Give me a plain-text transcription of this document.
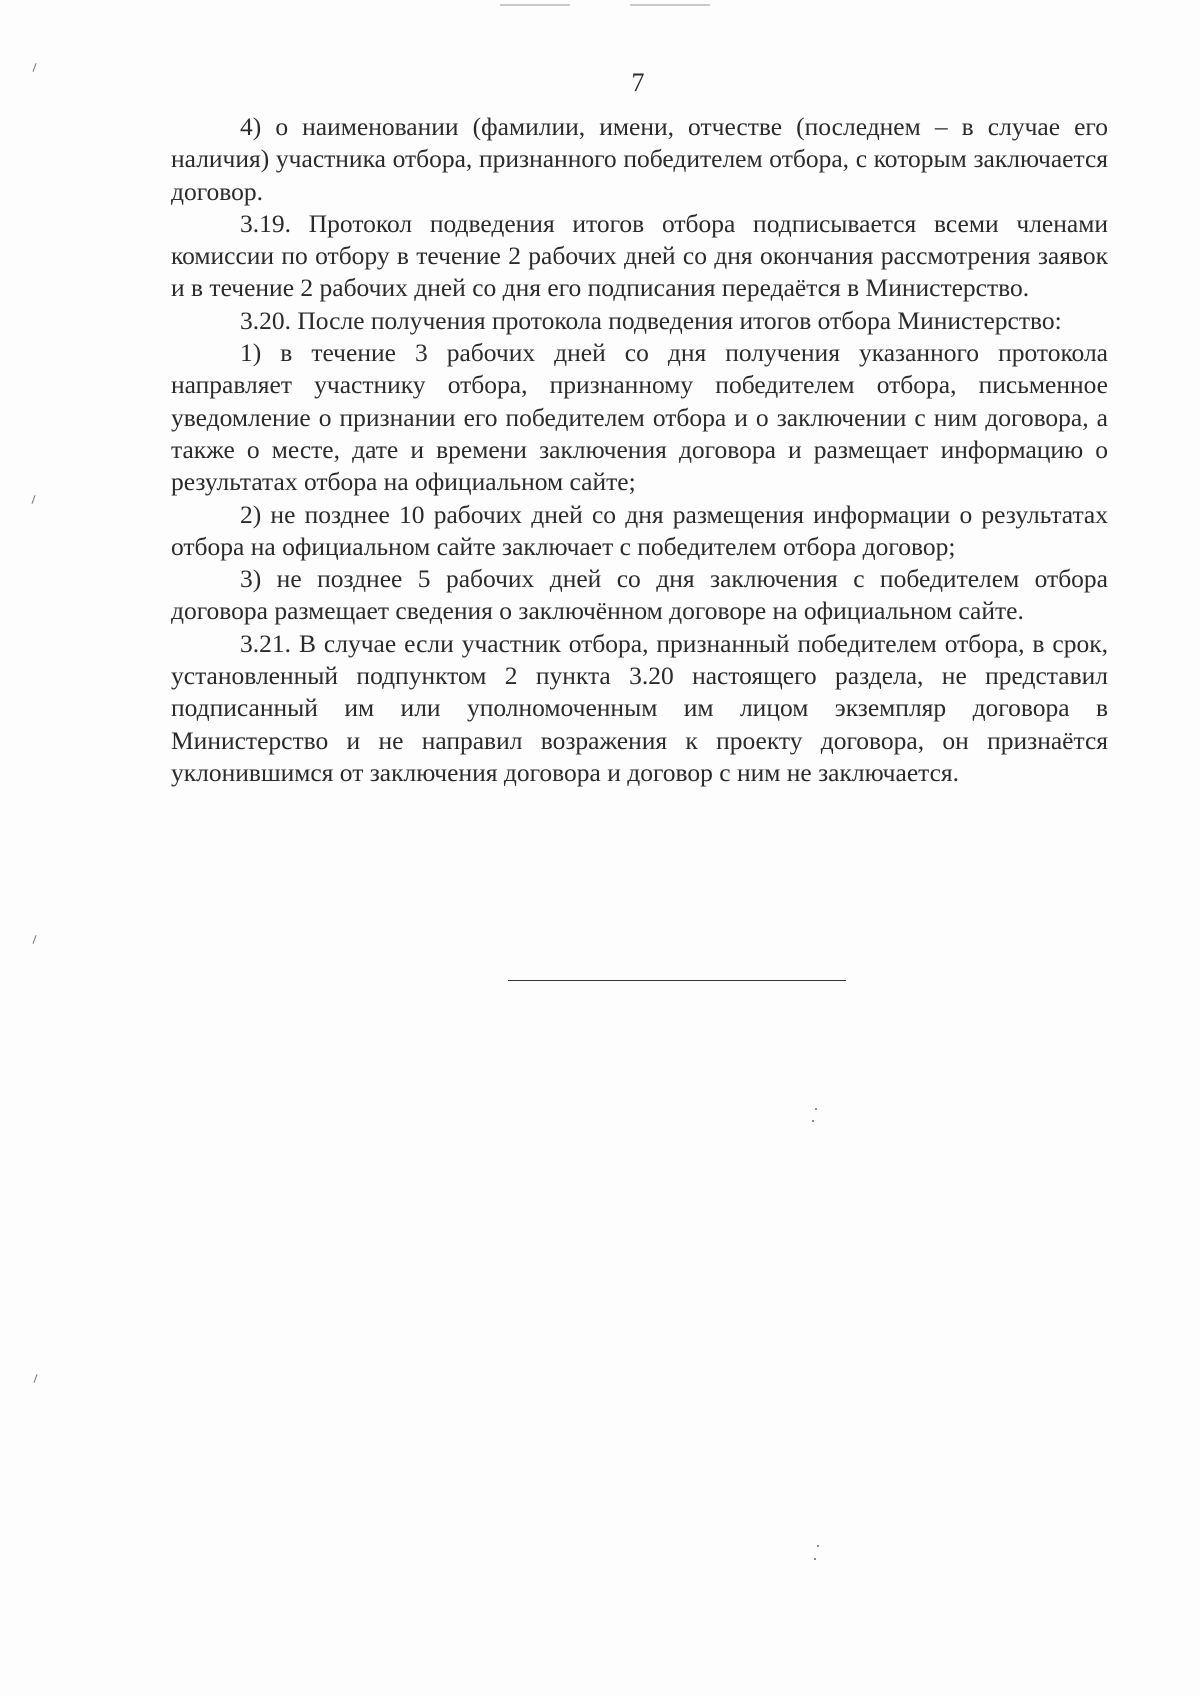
7

4) о наименовании (фамилии, имени, отчестве (последнем – в случае его наличия) участника отбора, признанного победителем отбора, с которым заключается договор.

3.19. Протокол подведения итогов отбора подписывается всеми членами комиссии по отбору в течение 2 рабочих дней со дня окончания рассмотрения заявок и в течение 2 рабочих дней со дня его подписания передаётся в Министерство.

3.20. После получения протокола подведения итогов отбора Министерство:

1) в течение 3 рабочих дней со дня получения указанного протокола направляет участнику отбора, признанному победителем отбора, письменное уведомление о признании его победителем отбора и о заключении с ним договора, а также о месте, дате и времени заключения договора и размещает информацию о результатах отбора на официальном сайте;

2) не позднее 10 рабочих дней со дня размещения информации о результатах отбора на официальном сайте заключает с победителем отбора договор;

3) не позднее 5 рабочих дней со дня заключения с победителем отбора договора размещает сведения о заключённом договоре на официальном сайте.

3.21. В случае если участник отбора, признанный победителем отбора, в срок, установленный подпунктом 2 пункта 3.20 настоящего раздела, не представил подписанный им или уполномоченным им лицом экземпляр договора в Министерство и не направил возражения к проекту договора, он признаётся уклонившимся от заключения договора и договор с ним не заключается.
